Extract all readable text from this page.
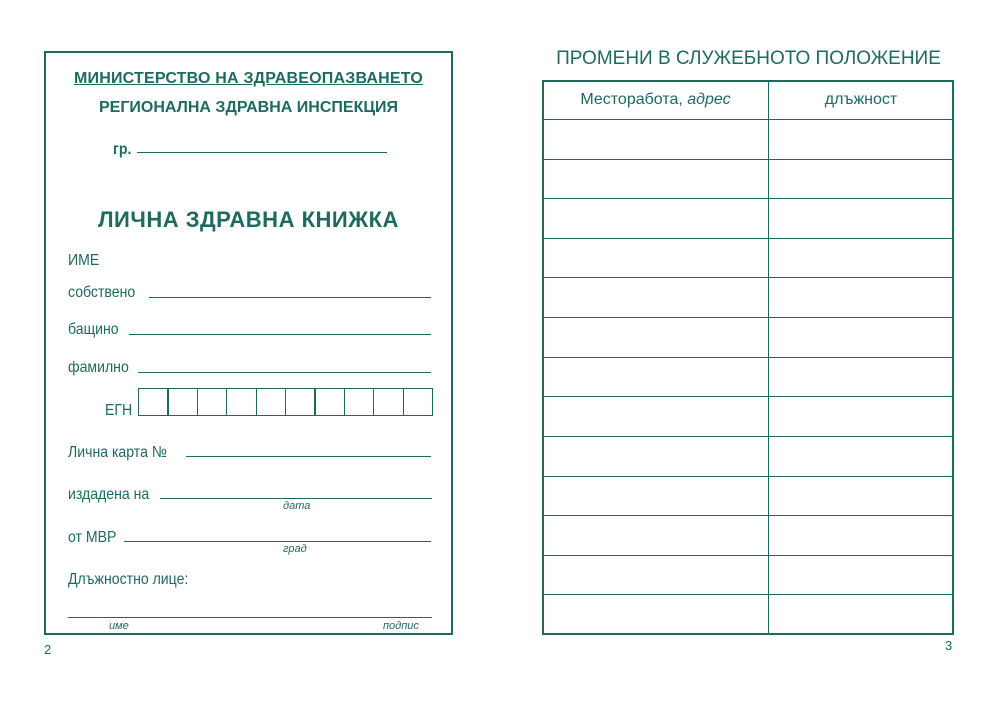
МИНИСТЕРСТВО НА ЗДРАВЕОПАЗВАНЕТО
РЕГИОНАЛНА ЗДРАВНА ИНСПЕКЦИЯ
гр.
ЛИЧНА ЗДРАВНА КНИЖКА
ИМЕ
собствено
бащино
фамилно
ЕГН
Лична карта №
издадена на
дата
от МВР
град
Длъжностно лице:
име	подпис
2
ПРОМЕНИ В СЛУЖЕБНОТО ПОЛОЖЕНИЕ
Месторабота, адрес	длъжност
3
